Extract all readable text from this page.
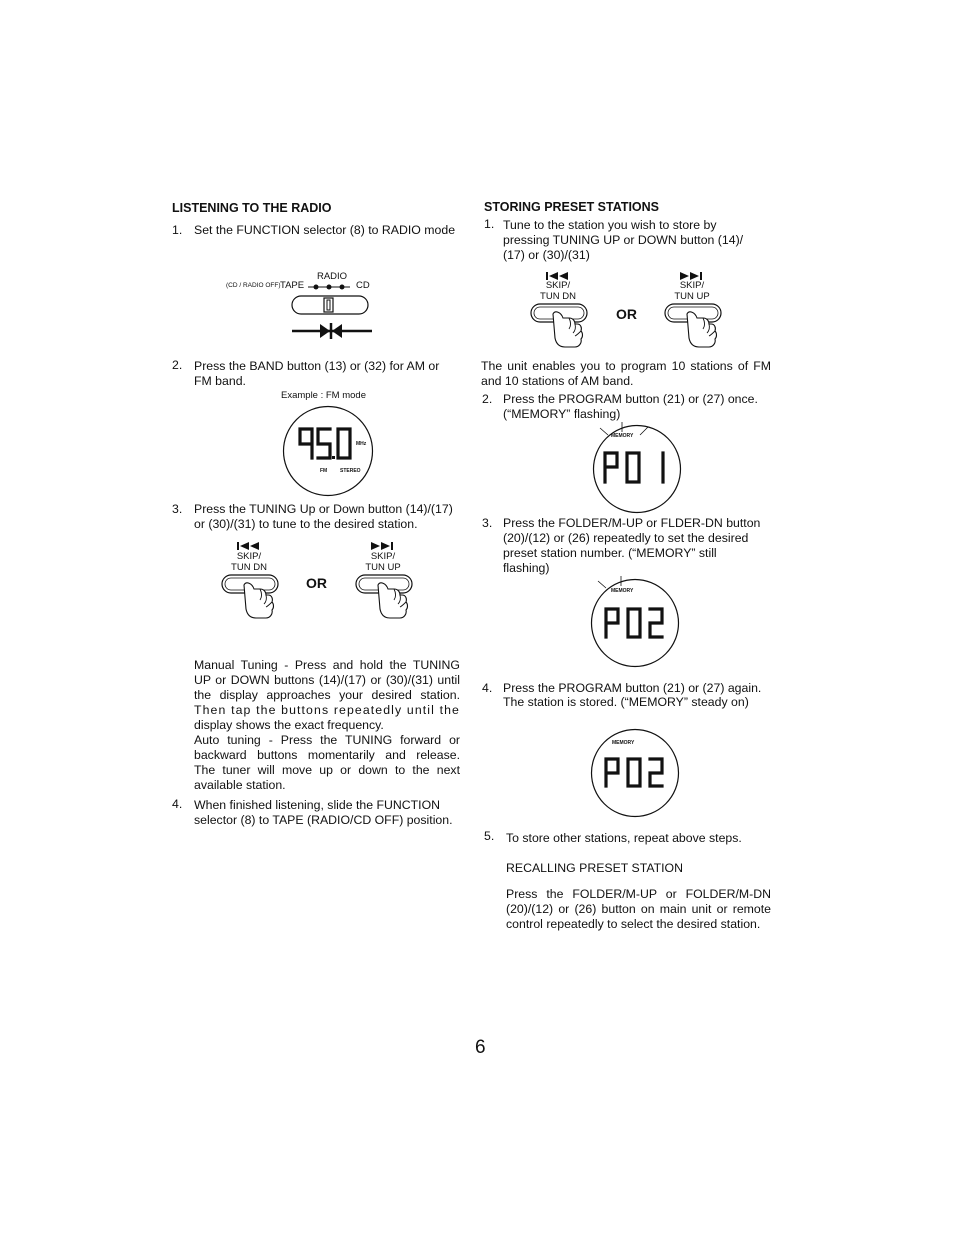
LISTENING TO THE RADIO
1. Set the FUNCTION selector (8) to RADIO mode
RADIO
(CD / RADIO OFF) TAPE	CD
2. Press the BAND button (13) or (32) for AM or
FM band.
Example : FM mode
MHz
FM	STEREO
3. Press the TUNING Up or Down button (14)/(17)
or (30)/(31) to tune to the desired station.
SKIP/
TUN DN
OR
SKIP/
TUN UP
Manual Tuning - Press and hold the TUNING
UP or DOWN buttons (14)/(17) or (30)/(31) until
the display approaches your desired station.
Then tap the buttons repeatedly until the
display shows the exact frequency.
Auto tuning - Press the TUNING forward or
backward buttons momentarily and release.
The tuner will move up or down to the next
available station.
4. When finished listening, slide the FUNCTION
selector (8) to TAPE (RADIO/CD OFF) position.
STORING PRESET STATIONS
1. Tune to the station you wish to store by
pressing TUNING UP or DOWN button (14)/
(17) or (30)/(31)
SKIP/
TUN DN
OR
SKIP/
TUN UP
The unit enables you to program 10 stations of FM
and 10 stations of AM band.
2. Press the PROGRAM button (21) or (27) once.
(“MEMORY” flashing)
MEMORY
3. Press the FOLDER/M-UP or FLDER-DN button
(20)/(12) or (26) repeatedly to set the desired
preset station number. (“MEMORY” still
flashing)
MEMORY
4. Press the PROGRAM button (21) or (27) again.
The station is stored. (“MEMORY” steady on)
MEMORY
5. To store other stations, repeat above steps.
RECALLING PRESET STATION
Press the FOLDER/M-UP or FOLDER/M-DN
(20)/(12) or (26) button on main unit or remote
control repeatedly to select the desired station.
6
